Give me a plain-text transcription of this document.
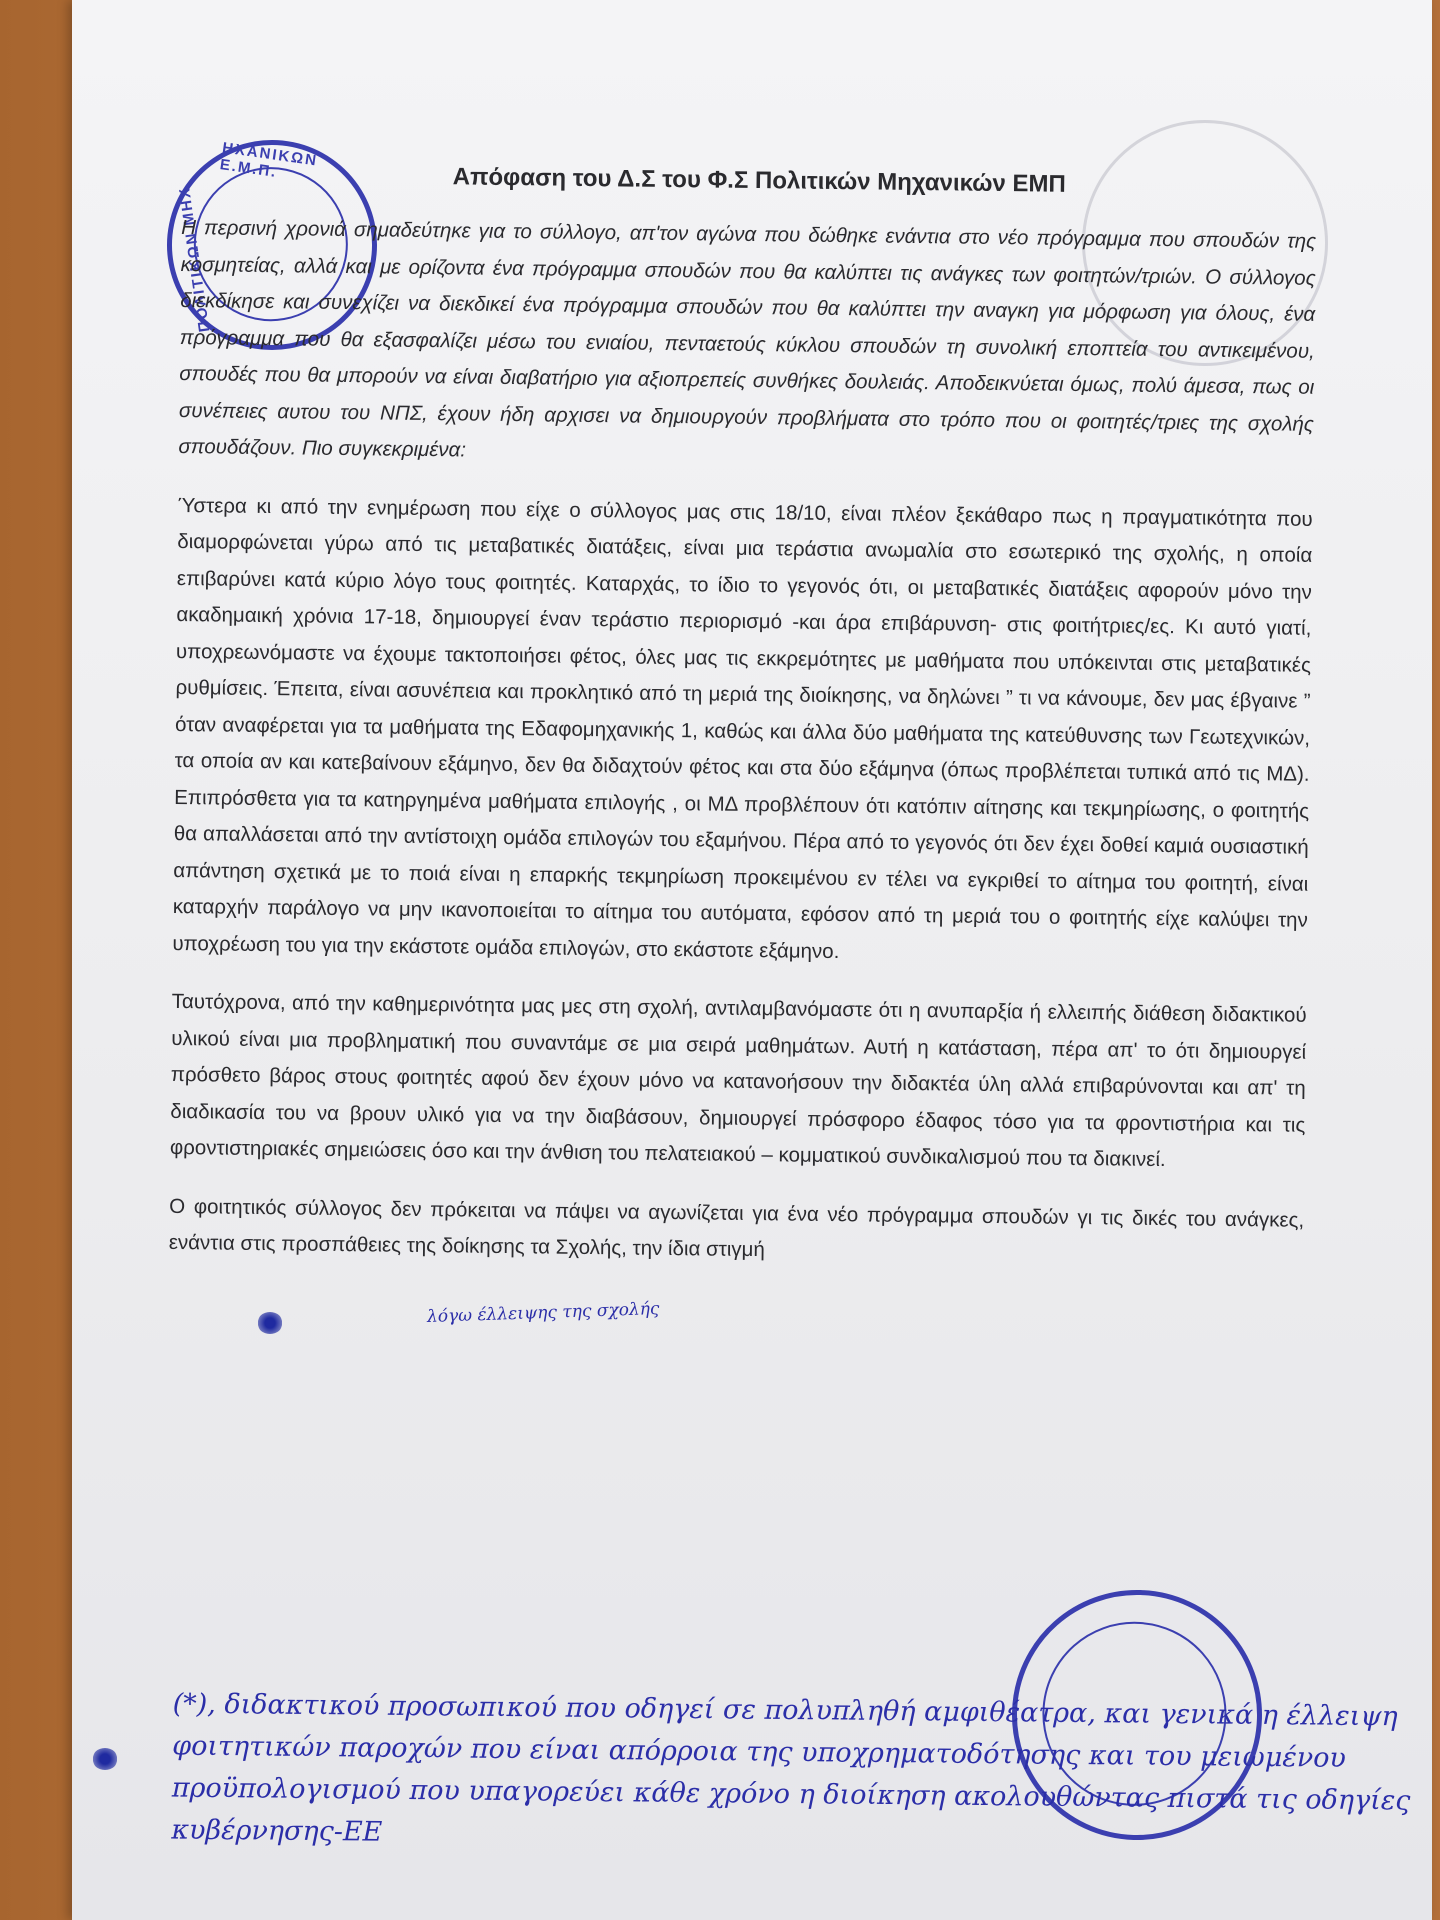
ΗΧΑΝΙΚΩΝ Ε.Μ.Π.
ΠΟΛΙΤΙΚΩΝ ΜΗΧ
Απόφαση του Δ.Σ του Φ.Σ Πολιτικών Μηχανικών ΕΜΠ

Η περσινή χρονιά σημαδεύτηκε για το σύλλογο, απ'τον αγώνα που δώθηκε ενάντια στο νέο πρόγραμμα που σπουδών της κοσμητείας, αλλά και με ορίζοντα ένα πρόγραμμα σπουδών που θα καλύπτει τις ανάγκες των φοιτητών/τριών. Ο σύλλογος διεκδίκησε και συνεχίζει να διεκδικεί ένα πρόγραμμα σπουδών που θα καλύπτει την αναγκη για μόρφωση για όλους, ένα πρόγραμμα που θα εξασφαλίζει μέσω του ενιαίου, πενταετούς κύκλου σπουδών τη συνολική εποπτεία του αντικειμένου, σπουδές που θα μπορούν να είναι διαβατήριο για αξιοπρεπείς συνθήκες δουλειάς. Αποδεικνύεται όμως, πολύ άμεσα, πως οι συνέπειες αυτου του ΝΠΣ, έχουν ήδη αρχισει να δημιουργούν προβλήματα στο τρόπο που οι φοιτητές/τριες της σχολής σπουδάζουν. Πιο συγκεκριμένα:

Ύστερα κι από την ενημέρωση που είχε ο σύλλογος μας στις 18/10, είναι πλέον ξεκάθαρο πως η πραγματικότητα που διαμορφώνεται γύρω από τις μεταβατικές διατάξεις, είναι μια τεράστια ανωμαλία στο εσωτερικό της σχολής, η οποία επιβαρύνει κατά κύριο λόγο τους φοιτητές. Καταρχάς, το ίδιο το γεγονός ότι, οι μεταβατικές διατάξεις αφορούν μόνο την ακαδημαική χρόνια 17-18, δημιουργεί έναν τεράστιο περιορισμό -και άρα επιβάρυνση- στις φοιτήτριες/ες. Κι αυτό γιατί, υποχρεωνόμαστε να έχουμε τακτοποιήσει φέτος, όλες μας τις εκκρεμότητες με μαθήματα που υπόκεινται στις μεταβατικές ρυθμίσεις. Έπειτα, είναι ασυνέπεια και προκλητικό από τη μεριά της διοίκησης, να δηλώνει ” τι να κάνουμε, δεν μας έβγαινε ” όταν αναφέρεται για τα μαθήματα της Εδαφομηχανικής 1, καθώς και άλλα δύο μαθήματα της κατεύθυνσης των Γεωτεχνικών, τα οποία αν και κατεβαίνουν εξάμηνο, δεν θα διδαχτούν φέτος και στα δύο εξάμηνα (όπως προβλέπεται τυπικά από τις ΜΔ). Επιπρόσθετα για τα κατηργημένα μαθήματα επιλογής , οι ΜΔ προβλέπουν ότι κατόπιν αίτησης και τεκμηρίωσης, ο φοιτητής θα απαλλάσεται από την αντίστοιχη ομάδα επιλογών του εξαμήνου. Πέρα από το γεγονός ότι δεν έχει δοθεί καμιά ουσιαστική απάντηση σχετικά με το ποιά είναι η επαρκής τεκμηρίωση προκειμένου εν τέλει να εγκριθεί το αίτημα του φοιτητή, είναι καταρχήν παράλογο να μην ικανοποιείται το αίτημα του αυτόματα, εφόσον από τη μεριά του ο φοιτητής είχε καλύψει την υποχρέωση του για την εκάστοτε ομάδα επιλογών, στο εκάστοτε εξάμηνο.

Ταυτόχρονα, από την καθημερινότητα μας μες στη σχολή, αντιλαμβανόμαστε ότι η ανυπαρξία ή ελλειπής διάθεση διδακτικού υλικού είναι μια προβληματική που συναντάμε σε μια σειρά μαθημάτων. Αυτή η κατάσταση, πέρα απ' το ότι δημιουργεί πρόσθετο βάρος στους φοιτητές αφού δεν έχουν μόνο να κατανοήσουν την διδακτέα ύλη αλλά επιβαρύνονται και απ' τη διαδικασία του να βρουν υλικό για να την διαβάσουν, δημιουργεί πρόσφορο έδαφος τόσο για τα φροντιστήρια και τις φροντιστηριακές σημειώσεις όσο και την άνθιση του πελατειακού – κομματικού συνδικαλισμού που τα διακινεί.

Ο φοιτητικός σύλλογος δεν πρόκειται να πάψει να αγωνίζεται για ένα νέο πρόγραμμα σπουδών γι τις δικές του ανάγκες, ενάντια στις προσπάθειες της δοίκησης τα Σχολής, την ίδια στιγμή

λόγω έλλειψης της σχολής
(*), διδακτικού προσωπικού που οδηγεί σε πολυπληθή αμφιθέατρα, και γενικά η έλλειψη φοιτητικών παροχών που είναι απόρροια της υποχρηματοδότησης και του μειωμένου προϋπολογισμού που υπαγορεύει κάθε χρόνο η διοίκηση ακολουθώντας πιστά τις οδηγίες κυβέρνησης-ΕΕ
